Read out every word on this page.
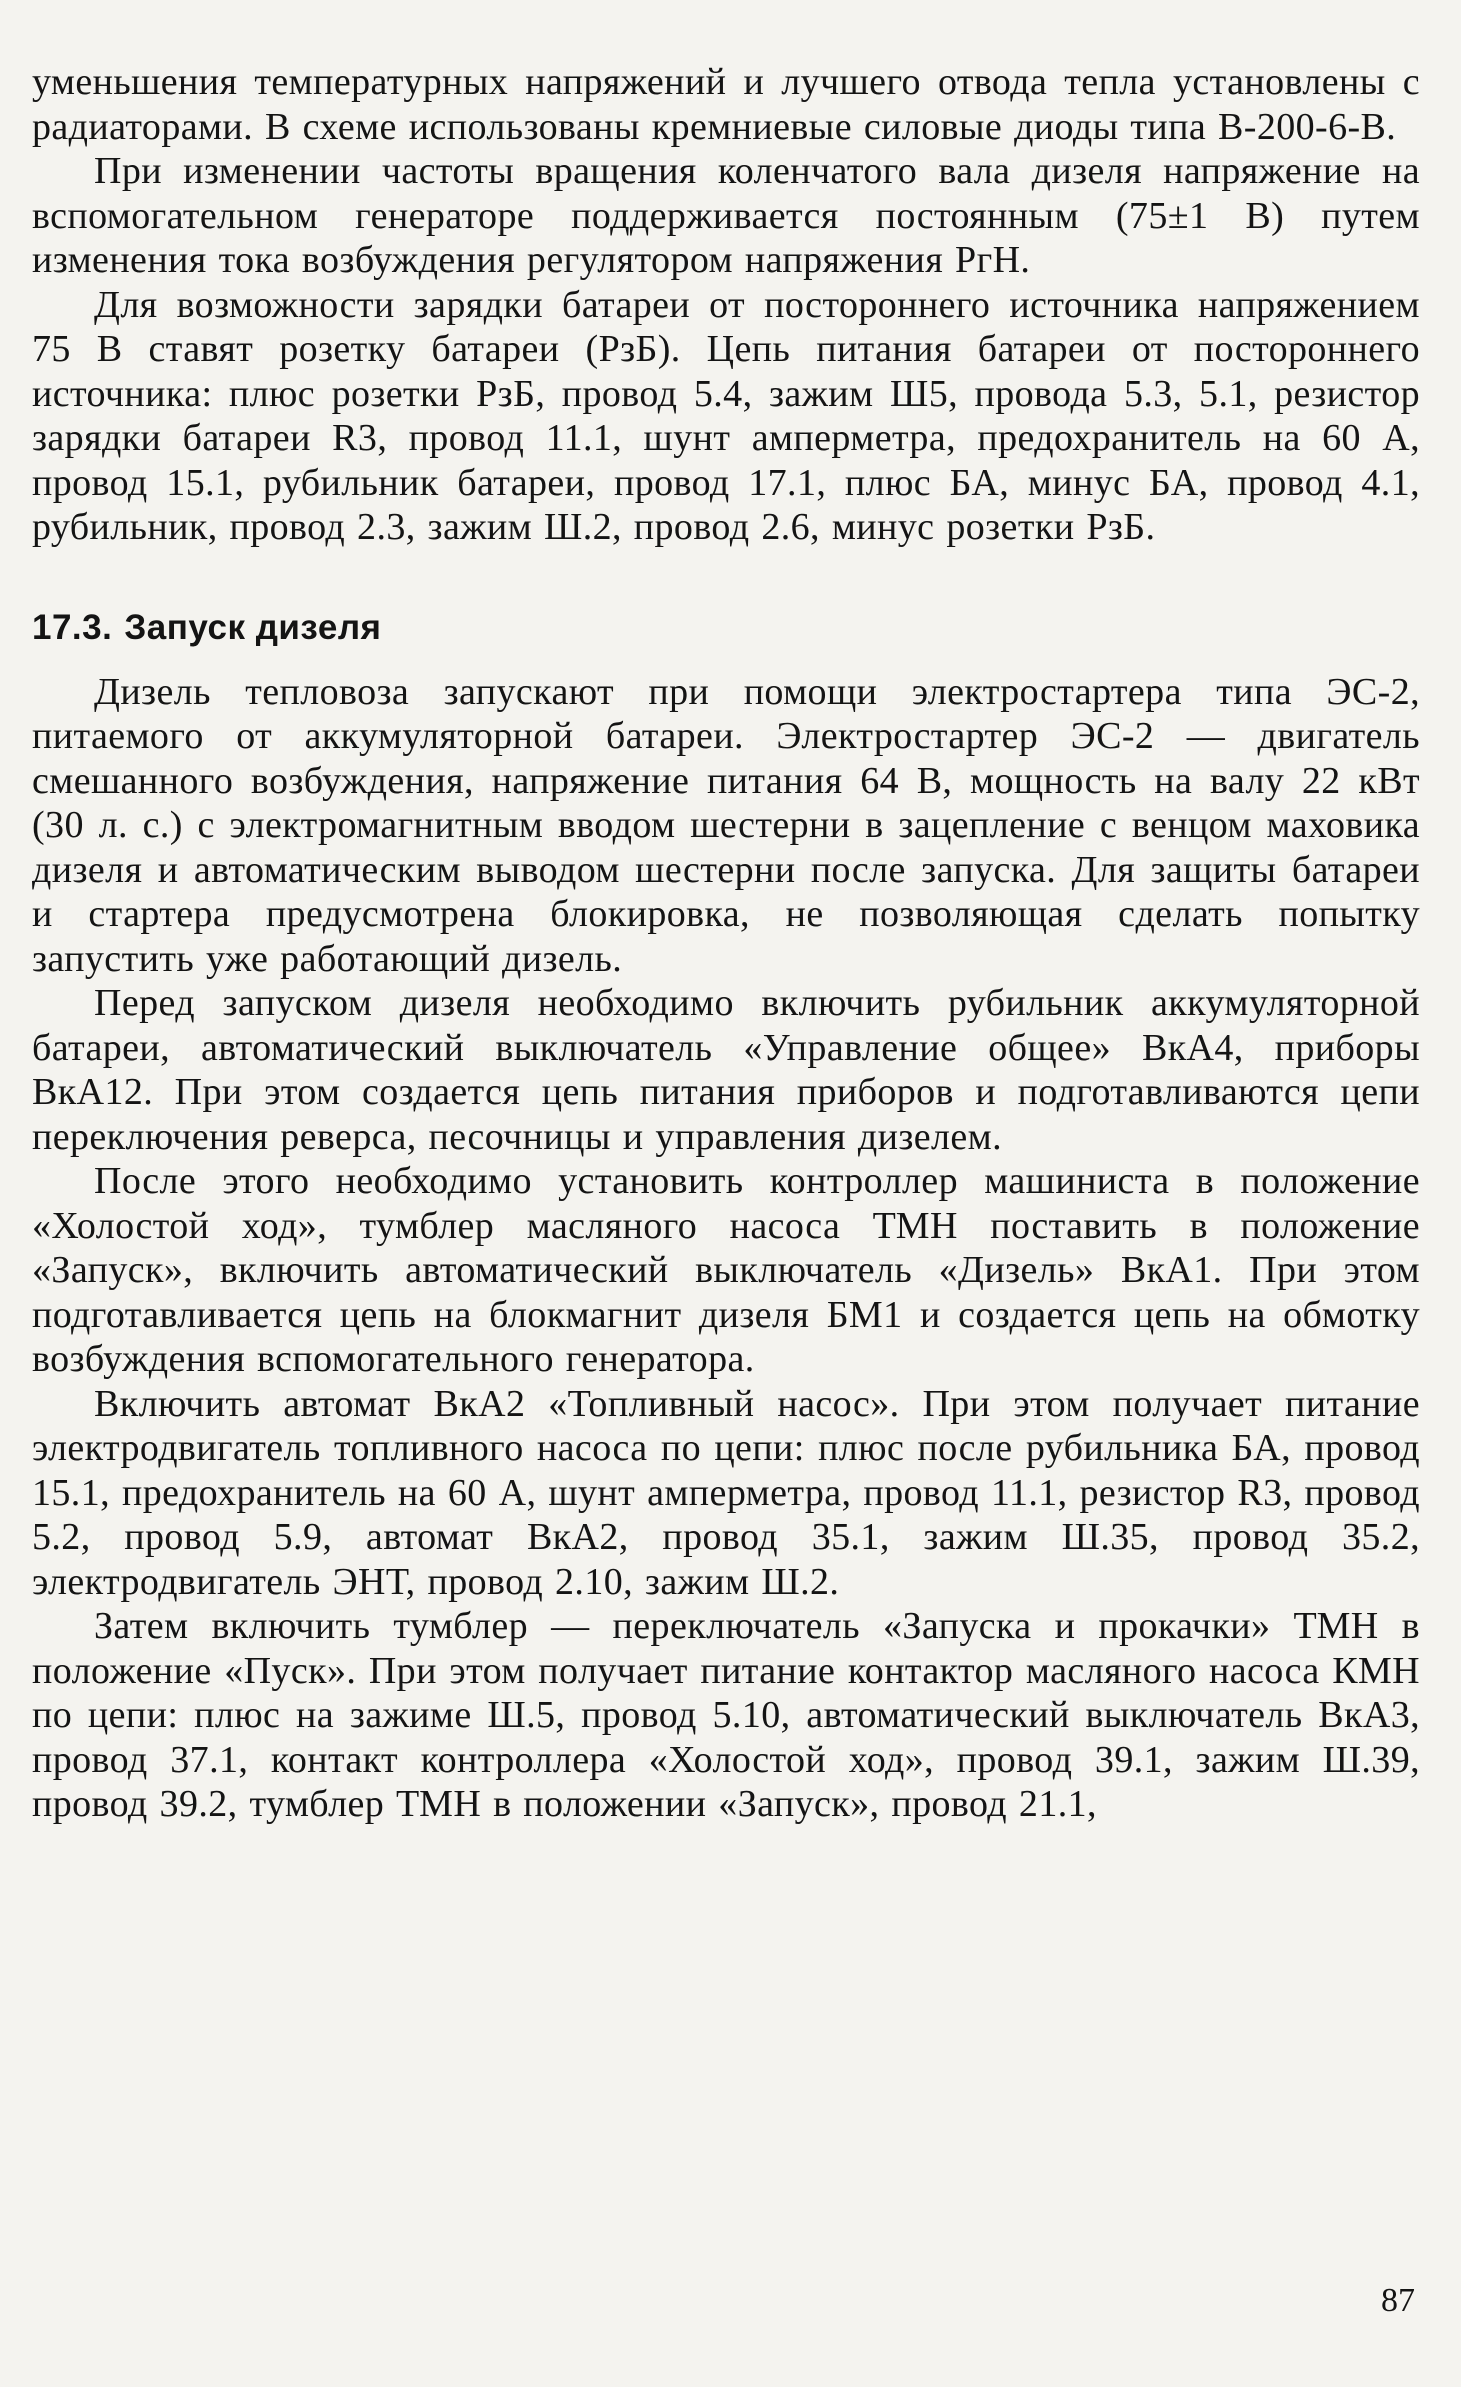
уменьшения температурных напряжений и лучшего отвода тепла установлены с радиаторами. В схеме использованы кремниевые силовые диоды типа В-200-6-В.

При изменении частоты вращения коленчатого вала дизеля напряжение на вспомогательном генераторе поддерживается постоянным (75±1 В) путем изменения тока возбуждения регулятором напряжения РгН.

Для возможности зарядки батареи от постороннего источника напряжением 75 В ставят розетку батареи (РзБ). Цепь питания батареи от постороннего источника: плюс розетки РзБ, провод 5.4, зажим Ш5, провода 5.3, 5.1, резистор зарядки батареи R3, провод 11.1, шунт амперметра, предохранитель на 60 А, провод 15.1, рубильник батареи, провод 17.1, плюс БА, минус БА, провод 4.1, рубильник, провод 2.3, зажим Ш.2, провод 2.6, минус розетки РзБ.

17.3. Запуск дизеля

Дизель тепловоза запускают при помощи электростартера типа ЭС-2, питаемого от аккумуляторной батареи. Электростартер ЭС-2 — двигатель смешанного возбуждения, напряжение питания 64 В, мощность на валу 22 кВт (30 л. с.) с электромагнитным вводом шестерни в зацепление с венцом маховика дизеля и автоматическим выводом шестерни после запуска. Для защиты батареи и стартера предусмотрена блокировка, не позволяющая сделать попытку запустить уже работающий дизель.

Перед запуском дизеля необходимо включить рубильник аккумуляторной батареи, автоматический выключатель «Управление общее» ВкА4, приборы ВкА12. При этом создается цепь питания приборов и подготавливаются цепи переключения реверса, песочницы и управления дизелем.

После этого необходимо установить контроллер машиниста в положение «Холостой ход», тумблер масляного насоса ТМН поставить в положение «Запуск», включить автоматический выключатель «Дизель» ВкА1. При этом подготавливается цепь на блокмагнит дизеля БМ1 и создается цепь на обмотку возбуждения вспомогательного генератора.

Включить автомат ВкА2 «Топливный насос». При этом получает питание электродвигатель топливного насоса по цепи: плюс после рубильника БА, провод 15.1, предохранитель на 60 А, шунт амперметра, провод 11.1, резистор R3, провод 5.2, провод 5.9, автомат ВкА2, провод 35.1, зажим Ш.35, провод 35.2, электродвигатель ЭНТ, провод 2.10, зажим Ш.2.

Затем включить тумблер — переключатель «Запуска и прокачки» ТМН в положение «Пуск». При этом получает питание контактор масляного насоса КМН по цепи: плюс на зажиме Ш.5, провод 5.10, автоматический выключатель ВкА3, провод 37.1, контакт контроллера «Холостой ход», провод 39.1, зажим Ш.39, провод 39.2, тумблер ТМН в положении «Запуск», провод 21.1,

87
